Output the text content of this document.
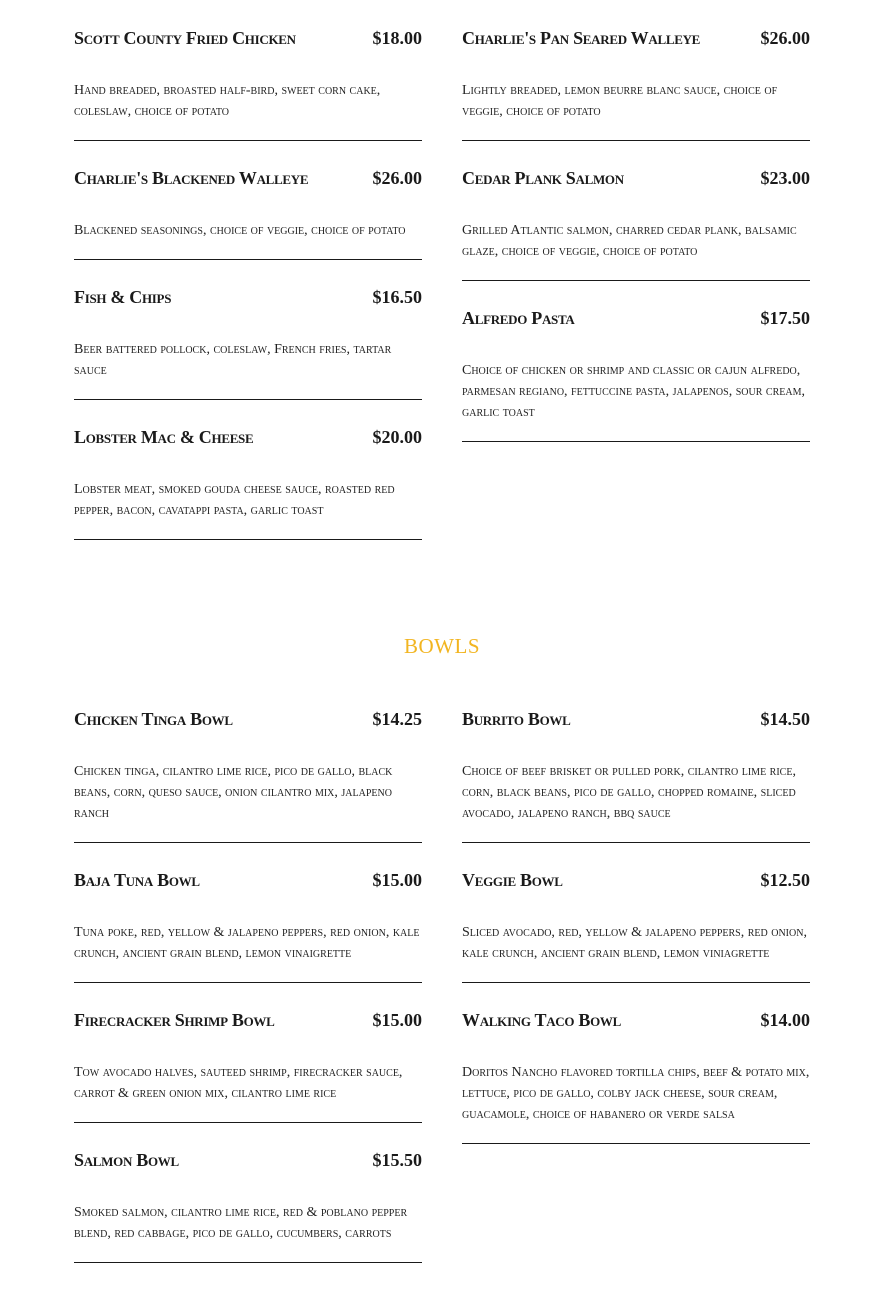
Scott County Fried Chicken	$18.00
Hand breaded, broasted half-bird, sweet corn cake, coleslaw, choice of potato
Charlie's Blackened Walleye	$26.00
Blackened seasonings, choice of veggie, choice of potato
Fish & Chips	$16.50
Beer battered pollock, coleslaw, French fries, tartar sauce
Lobster Mac & Cheese	$20.00
Lobster meat, smoked gouda cheese sauce, roasted red pepper, bacon, cavatappi pasta, garlic toast
Charlie's Pan Seared Walleye	$26.00
Lightly breaded, lemon beurre blanc sauce, choice of veggie, choice of potato
Cedar Plank Salmon	$23.00
Grilled Atlantic salmon, charred cedar plank, balsamic glaze, choice of veggie, choice of potato
Alfredo Pasta	$17.50
Choice of chicken or shrimp and classic or cajun alfredo, parmesan regiano, fettuccine pasta, jalapenos, sour cream, garlic toast
BOWLS
Chicken Tinga Bowl	$14.25
Chicken tinga, cilantro lime rice, pico de gallo, black beans, corn, queso sauce, onion cilantro mix, jalapeno ranch
Baja Tuna Bowl	$15.00
Tuna poke, red, yellow & jalapeno peppers, red onion, kale crunch, ancient grain blend, lemon vinaigrette
Firecracker Shrimp Bowl	$15.00
Tow avocado halves, sauteed shrimp, firecracker sauce, carrot & green onion mix, cilantro lime rice
Salmon Bowl	$15.50
Smoked salmon, cilantro lime rice, red & poblano pepper blend, red cabbage, pico de gallo, cucumbers, carrots
Burrito Bowl	$14.50
Choice of beef brisket or pulled pork, cilantro lime rice, corn, black beans, pico de gallo, chopped romaine, sliced avocado, jalapeno ranch, bbq sauce
Veggie Bowl	$12.50
Sliced avocado, red, yellow & jalapeno peppers, red onion, kale crunch, ancient grain blend, lemon viniagrette
Walking Taco Bowl	$14.00
Doritos Nancho flavored tortilla chips, beef & potato mix, lettuce, pico de gallo, colby jack cheese, sour cream, guacamole, choice of habanero or verde salsa
